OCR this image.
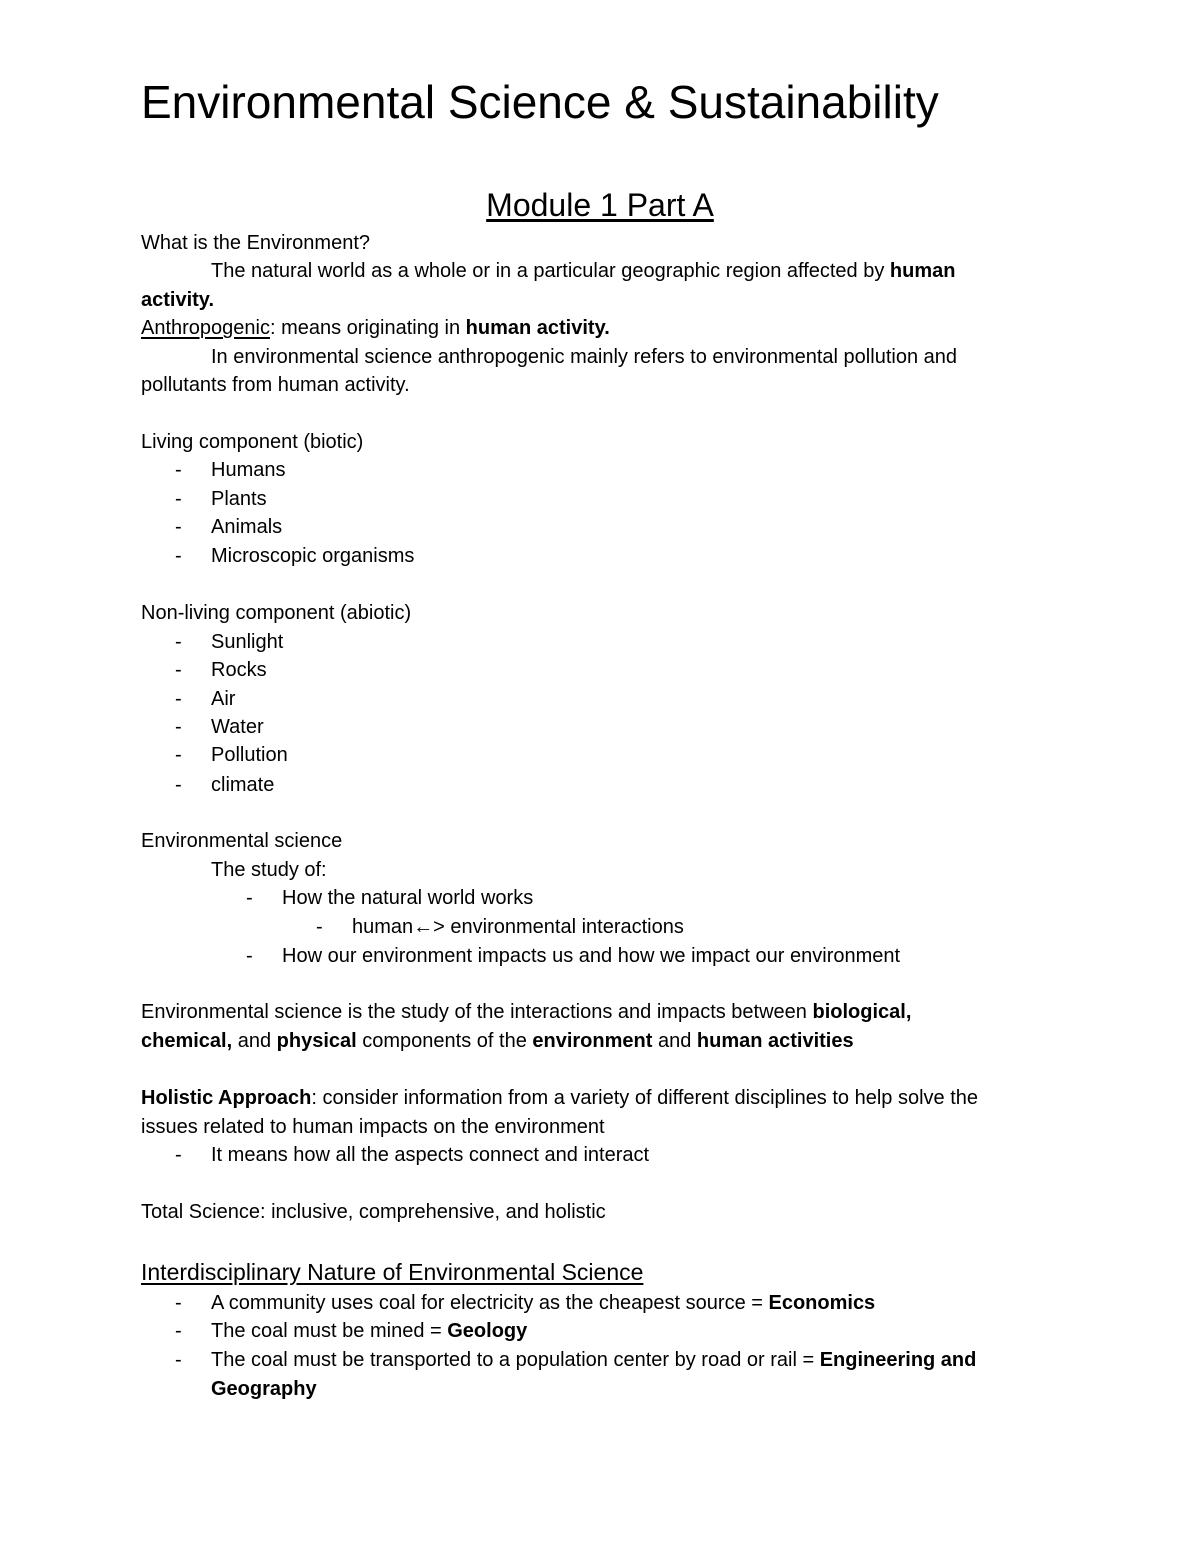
Environmental Science & Sustainability
Module 1 Part A
What is the Environment?
The natural world as a whole or in a particular geographic region affected by human
activity.
Anthropogenic: means originating in human activity.
In environmental science anthropogenic mainly refers to environmental pollution and
pollutants from human activity.
Living component (biotic)
- Humans
- Plants
- Animals
- Microscopic organisms
Non-living component (abiotic)
- Sunlight
- Rocks
- Air
- Water
- Pollution
- climate
Environmental science
The study of:
- How the natural world works
- human←> environmental interactions
- How our environment impacts us and how we impact our environment
Environmental science is the study of the interactions and impacts between biological,
chemical, and physical components of the environment and human activities
Holistic Approach: consider information from a variety of different disciplines to help solve the
issues related to human impacts on the environment
- It means how all the aspects connect and interact
Total Science: inclusive, comprehensive, and holistic
Interdisciplinary Nature of Environmental Science
- A community uses coal for electricity as the cheapest source = Economics
- The coal must be mined = Geology
- The coal must be transported to a population center by road or rail = Engineering and
Geography
